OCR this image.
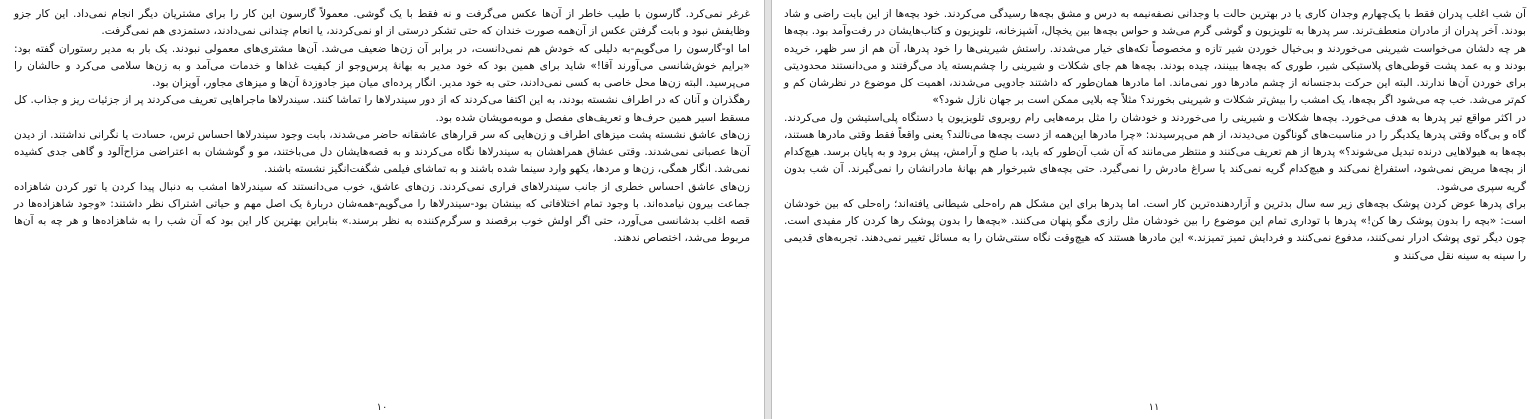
غرغر نمی‌کرد. گارسون با طیب خاطر از آن‌ها عکس می‌گرفت و نه فقط با یک گوشی. معمولاً گارسون این کار را برای مشتریان دیگر انجام نمی‌داد. این کار جزو وظایفش نبود و بابت گرفتن عکس از آن‌همه صورت خندان که حتی تشکر درستی از او نمی‌کردند، یا انعام چندانی نمی‌دادند، دستمزدی هم نمی‌گرفت.

اما او-گارسون را می‌گویم-به دلیلی که خودش هم نمی‌دانست، در برابر آن زن‌ها ضعیف می‌شد. آن‌ها مشتری‌های معمولی نبودند. یک بار به مدیر رستوران گفته بود: «برایم خوش‌شانسی می‌آورند آقا!» شاید برای همین بود که خود مدیر به بهانهٔ پرس‌وجو از کیفیت غذاها و خدمات می‌آمد و به زن‌ها سلامی می‌کرد و حالشان را می‌پرسید. البته زن‌ها محل خاصی به کسی نمی‌دادند، حتی به خود مدیر. انگار پرده‌ای میان میز جادوزدهٔ آن‌ها و میزهای مجاور، آویزان بود.

رهگذران و آنان که در اطراف نشسته بودند، به این اکتفا می‌کردند که از دور سیندرلاها را تماشا کنند. سیندرلاها ماجراهایی تعریف می‌کردند پر از جزئیات ریز و جذاب. کل مسقط اسیر همین حرف‌ها و تعریف‌های مفصل و موبه‌مویشان شده بود.

زن‌های عاشق نشسته پشت میزهای اطراف و زن‌هایی که سر قرارهای عاشقانه حاضر می‌شدند، بابت وجود سیندرلاها احساس ترس، حسادت یا نگرانی نداشتند. از دیدن آن‌ها عصبانی نمی‌شدند. وقتی عشاق همراهشان به سیندرلاها نگاه می‌کردند و به قصه‌هایشان دل می‌باختند، مو و گوششان به اعتراضی مزاح‌آلود و گاهی جدی کشیده نمی‌شد. انگار همگی، زن‌ها و مردها، یکهو وارد سینما شده باشند و به تماشای فیلمی شگفت‌انگیز نشسته باشند.

زن‌های عاشق احساس خطری از جانب سیندرلاهای فراری نمی‌کردند. زن‌های عاشق، خوب می‌دانستند که سیندرلاها امشب به دنبال پیدا کردن یا تور کردن شاهزاده جماعت بیرون نیامده‌اند. با وجود تمام اختلافاتی که بینشان بود-سیندرلاها را می‌گویم-همه‌شان دربارهٔ یک اصل مهم و حیاتی اشتراک نظر داشتند: «وجود شاهزاده‌ها در قصه اغلب بدشانسی می‌آورد، حتی اگر اولش خوب برقصند و سرگرم‌کننده به نظر برسند.» بنابراین بهترین کار این بود که آن شب را به شاهزاده‌ها و هر چه به آن‌ها مربوط می‌شد، اختصاص ندهند.

۱۰

آن شب اغلب پدران فقط با یک‌چهارم وجدان کاری یا در بهترین حالت با وجدانی نصفه‌نیمه به درس و مشق بچه‌ها رسیدگی می‌کردند. خود بچه‌ها از این بابت راضی و شاد بودند. آخر پدران از مادران منعطف‌ترند. سر پدرها به تلویزیون و گوشی گرم می‌شد و حواس بچه‌ها بین یخچال، آشپزخانه، تلویزیون و کتاب‌هایشان در رفت‌وآمد بود. بچه‌ها هر چه دلشان می‌خواست شیرینی می‌خوردند و بی‌خیال خوردن شیر تازه و مخصوصاً تکه‌های خیار می‌شدند. راستش شیرینی‌ها را خود پدرها، آن هم از سر ظهر، خریده بودند و به عمد پشت قوطی‌های پلاستیکی شیر، طوری که بچه‌ها ببینند، چیده بودند. بچه‌ها هم جای شکلات و شیرینی را چشم‌بسته یاد می‌گرفتند و می‌دانستند محدودیتی برای خوردن آن‌ها ندارند. البته این حرکت بدجنسانه از چشم مادرها دور نمی‌ماند. اما مادرها همان‌طور که داشتند جادویی می‌شدند، اهمیت کل موضوع در نظرشان کم و کم‌تر می‌شد. خب چه می‌شود اگر بچه‌ها، یک امشب را بیش‌تر شکلات و شیرینی بخورند؟ مثلاً چه بلایی ممکن است بر جهان نازل شود؟»

در اکثر مواقع تیر پدرها به هدف می‌خورد. بچه‌ها شکلات و شیرینی را می‌خوردند و خودشان را مثل برمه‌هایی رام روبروی تلویزیون یا دستگاه پلی‌استیشن ول می‌کردند. گاه و بی‌گاه وقتی پدرها یکدیگر را در مناسبت‌های گوناگون می‌دیدند، از هم می‌پرسیدند: «چرا مادرها این‌همه از دست بچه‌ها می‌نالند؟ یعنی واقعاً فقط وقتی مادرها هستند، بچه‌ها به هیولاهایی درنده تبدیل می‌شوند؟» پدرها از هم تعریف می‌کنند و منتظر می‌مانند که آن شب آن‌طور که باید، با صلح و آرامش، پیش برود و به پایان برسد. هیچ‌کدام از بچه‌ها مریض نمی‌شود، استفراغ نمی‌کند و هیچ‌کدام گریه نمی‌کند یا سراغ مادرش را نمی‌گیرد. حتی بچه‌های شیرخوار هم بهانهٔ مادرانشان را نمی‌گیرند. آن شب بدون گریه سپری می‌شود.

برای پدرها عوض کردن پوشک بچه‌های زیر سه سال بدترین و آزاردهنده‌ترین کار است. اما پدرها برای این مشکل هم راه‌حلی شیطانی یافته‌اند؛ راه‌حلی که بین خودشان است: «بچه را بدون پوشک رها کن!» پدرها با توداری تمام این موضوع را بین خودشان مثل رازی مگو پنهان می‌کنند. «بچه‌ها را بدون پوشک رها کردن کار مفیدی است. چون دیگر توی پوشک ادرار نمی‌کنند، مدفوع نمی‌کنند و فردایش تمیز تمیزند.» این مادرها هستند که هیچ‌وقت نگاه سنتی‌شان را به مسائل تغییر نمی‌دهند. تجربه‌های قدیمی را سینه به سینه نقل می‌کنند و

۱۱
